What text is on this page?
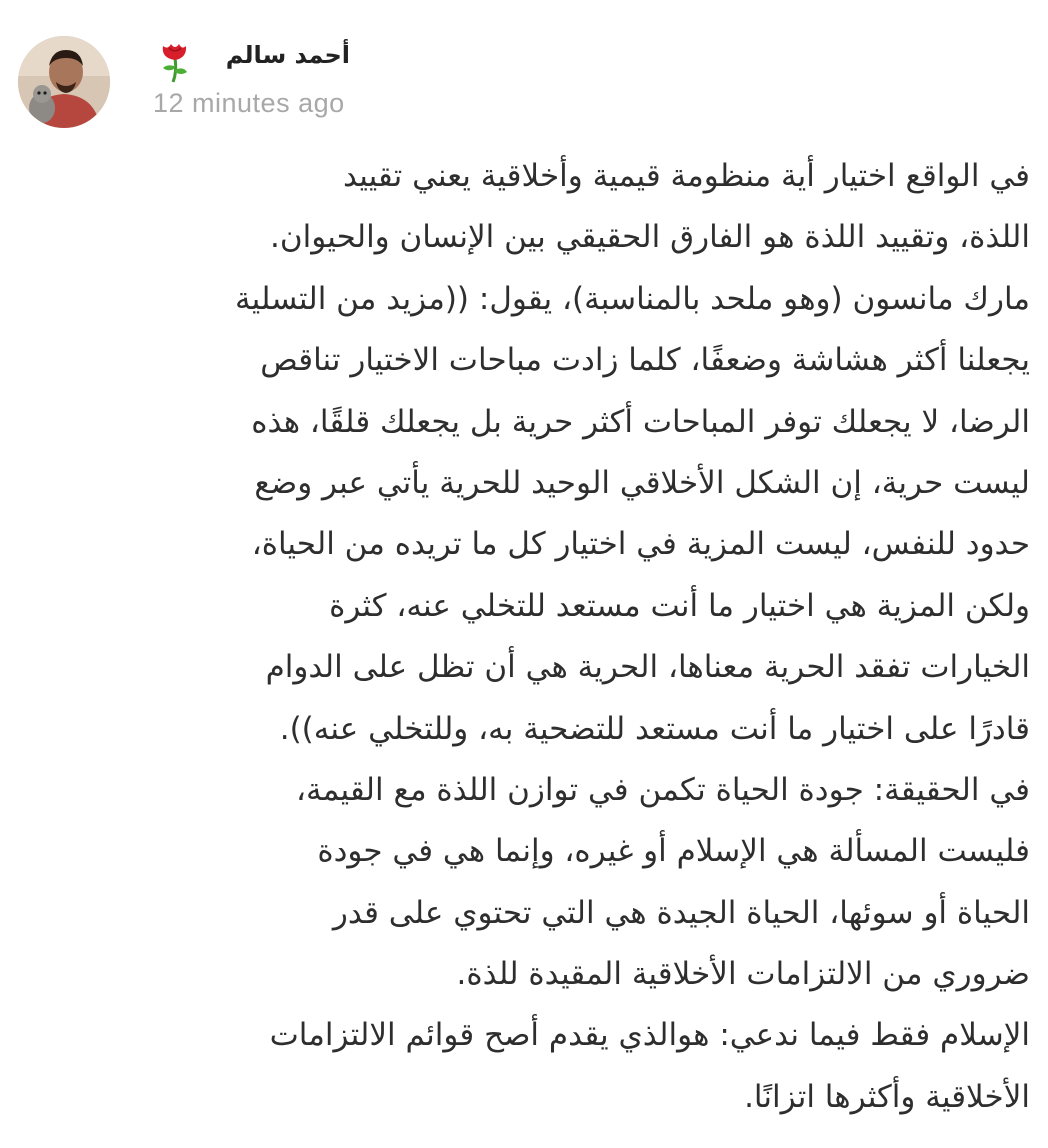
أحمد سالم
12 minutes ago
في الواقع اختيار أية منظومة قيمية وأخلاقية يعني تقييد
اللذة، وتقييد اللذة هو الفارق الحقيقي بين الإنسان والحيوان.
مارك مانسون (وهو ملحد بالمناسبة)، يقول: ((مزيد من التسلية
يجعلنا أكثر هشاشة وضعفًا، كلما زادت مباحات الاختيار تناقص
الرضا، لا يجعلك توفر المباحات أكثر حرية بل يجعلك قلقًا، هذه
ليست حرية، إن الشكل الأخلاقي الوحيد للحرية يأتي عبر وضع
حدود للنفس، ليست المزية في اختيار كل ما تريده من الحياة،
ولكن المزية هي اختيار ما أنت مستعد للتخلي عنه، كثرة
الخيارات تفقد الحرية معناها، الحرية هي أن تظل على الدوام
قادرًا على اختيار ما أنت مستعد للتضحية به، وللتخلي عنه)).
في الحقيقة: جودة الحياة تكمن في توازن اللذة مع القيمة،
فليست المسألة هي الإسلام أو غيره، وإنما هي في جودة
الحياة أو سوئها، الحياة الجيدة هي التي تحتوي على قدر
ضروري من الالتزامات الأخلاقية المقيدة للذة.
الإسلام فقط فيما ندعي: هوالذي يقدم أصح قوائم الالتزامات
الأخلاقية وأكثرها اتزانًا.
